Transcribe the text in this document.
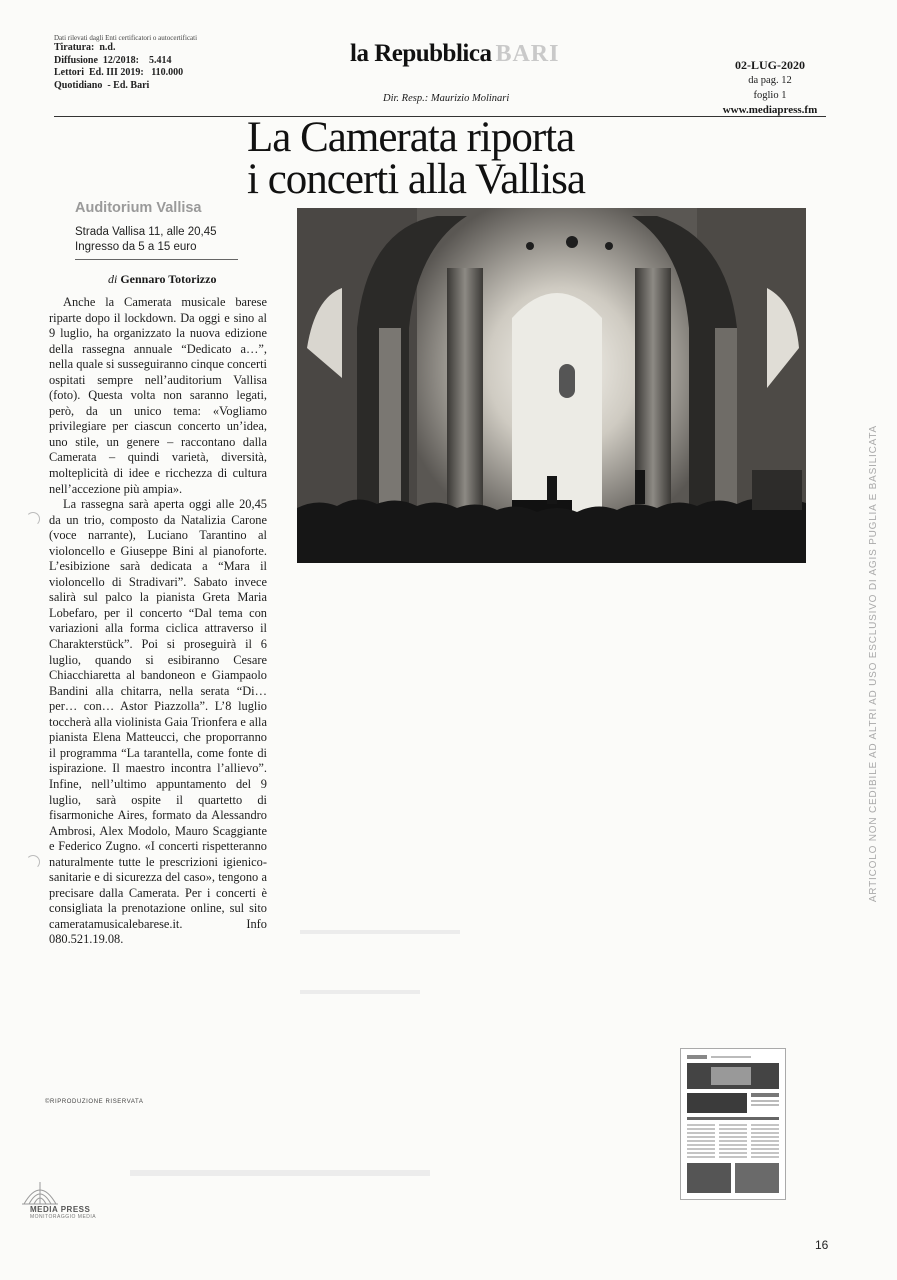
Dati rilevati dagli Enti certificatori o autocertificati
Tiratura:  n.d.
Diffusione  12/2018:    5.414
Lettori  Ed. III 2019:   110.000
Quotidiano  - Ed. Bari
la Repubblica BARI
Dir. Resp.: Maurizio Molinari
02-LUG-2020
da pag. 12
foglio 1
www.mediapress.fm
La Camerata riporta
i concerti alla Vallisa
Auditorium Vallisa
Strada Vallisa 11, alle 20,45
Ingresso da 5 a 15 euro
di Gennaro Totorizzo

Anche la Camerata musicale barese riparte dopo il lockdown. Da oggi e sino al 9 luglio, ha organizzato la nuova edizione della rassegna annuale “Dedicato a…”, nella quale si susseguiranno cinque concerti ospitati sempre nell’auditorium Vallisa (foto). Questa volta non saranno legati, però, da un unico tema: «Vogliamo privilegiare per ciascun concerto un’idea, uno stile, un genere – raccontano dalla Camerata – quindi varietà, diversità, molteplicità di idee e ricchezza di cultura nell’accezione più ampia».

La rassegna sarà aperta oggi alle 20,45 da un trio, composto da Natalizia Carone (voce narrante), Luciano Tarantino al violoncello e Giuseppe Bini al pianoforte. L’esibizione sarà dedicata a “Mara il violoncello di Stradivari”. Sabato invece salirà sul palco la pianista Greta Maria Lobefaro, per il concerto “Dal tema con variazioni alla forma ciclica attraverso il Charakterstück”. Poi si proseguirà il 6 luglio, quando si esibiranno Cesare Chiacchiaretta al bandoneon e Giampaolo Bandini alla chitarra, nella serata “Di… per… con… Astor Piazzolla”. L’8 luglio toccherà alla violinista Gaia Trionfera e alla pianista Elena Matteucci, che proporranno il programma “La tarantella, come fonte di ispirazione. Il maestro incontra l’allievo”. Infine, nell’ultimo appuntamento del 9 luglio, sarà ospite il quartetto di fisarmoniche Aires, formato da Alessandro Ambrosi, Alex Modolo, Mauro Scaggiante e Federico Zugno. «I concerti rispetteranno naturalmente tutte le prescrizioni igienico-sanitarie e di sicurezza del caso», tengono a precisare dalla Camerata. Per i concerti è consigliata la prenotazione online, sul sito cameratamusicalebarese.it. Info 080.521.19.08.

©RIPRODUZIONE RISERVATA
ARTICOLO NON CEDIBILE AD ALTRI AD USO ESCLUSIVO DI AGIS PUGLIA E BASILICATA
MEDIA PRESS
MONITORAGGIO MEDIA
16
